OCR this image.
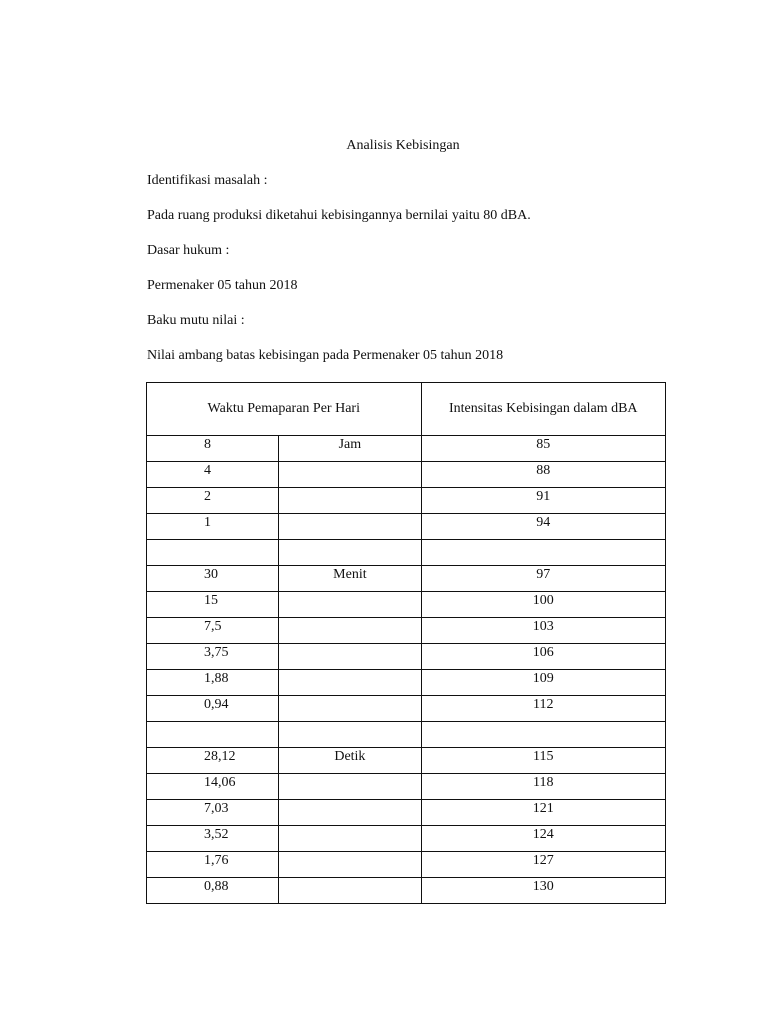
Analisis Kebisingan
Identifikasi masalah :
Pada ruang produksi diketahui kebisingannya bernilai yaitu 80 dBA.
Dasar hukum :
Permenaker 05 tahun 2018
Baku mutu nilai :
Nilai ambang batas kebisingan pada Permenaker 05 tahun 2018
Waktu Pemaparan Per Hari		Intensitas Kebisingan dalam dBA
8	Jam	85
4		88
2		91
1		94

30	Menit	97
15		100
7,5		103
3,75		106
1,88		109
0,94		112

28,12	Detik	115
14,06		118
7,03		121
3,52		124
1,76		127
0,88		130
